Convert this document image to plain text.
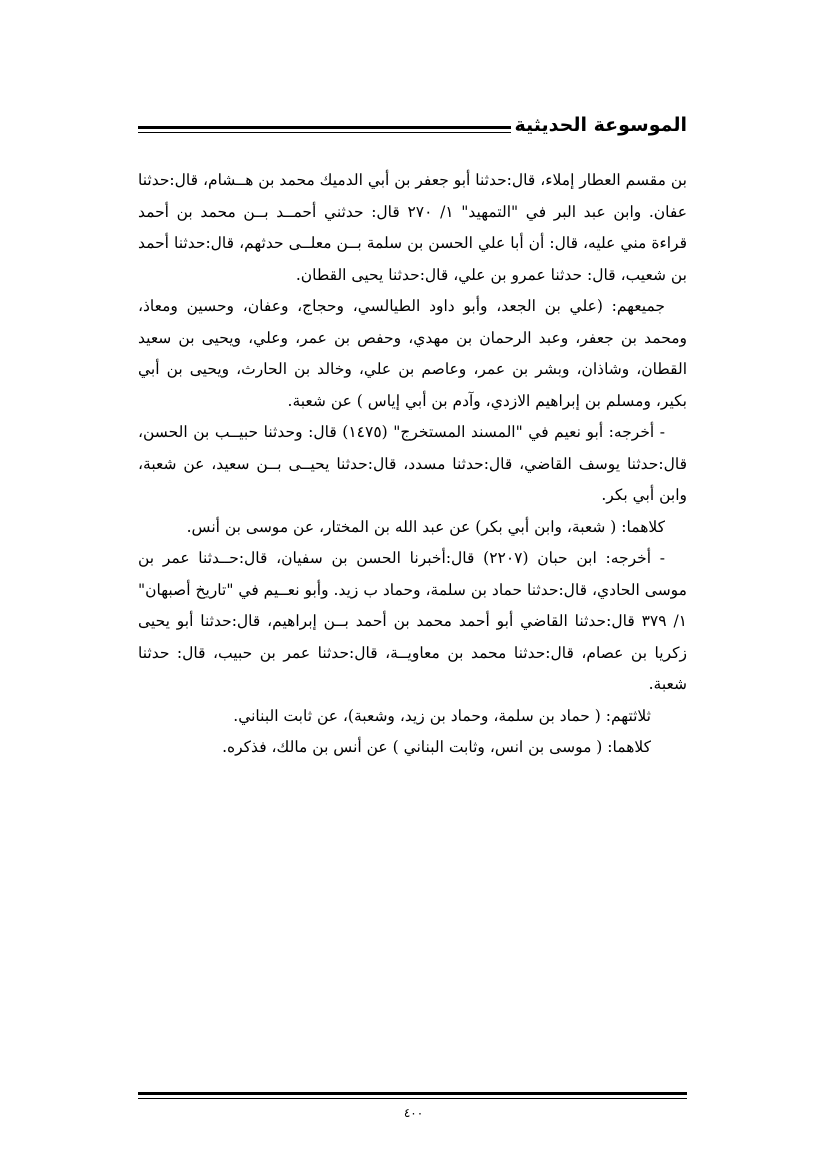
الموسوعة الحديثية

بن مقسم العطار إملاء، قال:حدثنا أبو جعفر بن أبي الدميك محمد بن هــشام، قال:حدثنا عفان. وابن عبد البر في "التمهيد" ١/ ٢٧٠ قال: حدثني أحمــد بــن محمد بن أحمد قراءة مني عليه، قال: أن أبا علي الحسن بن سلمة بــن معلــى حدثهم، قال:حدثنا أحمد بن شعيب، قال: حدثنا عمرو بن علي، قال:حدثنا يحيى القطان.

جميعهم: (علي بن الجعد، وأبو داود الطيالسي، وحجاج، وعفان، وحسين ومعاذ، ومحمد بن جعفر، وعبد الرحمان بن مهدي، وحفص بن عمر، وعلي، ويحيى بن سعيد القطان، وشاذان، وبشر بن عمر، وعاصم بن علي، وخالد بن الحارث، ويحيى بن أبي بكير، ومسلم بن إبراهيم الازدي، وآدم بن أبي إياس ) عن شعبة.

- أخرجه: أبو نعيم في "المسند المستخرج" (١٤٧٥) قال: وحدثنا حبيــب بن الحسن، قال:حدثنا يوسف القاضي، قال:حدثنا مسدد، قال:حدثنا يحيــى بــن سعيد، عن شعبة، وابن أبي بكر.

كلاهما: ( شعبة، وابن أبي بكر) عن عبد الله بن المختار، عن موسى بن أنس.

- أخرجه: ابن حبان (٢٢٠٧) قال:أخبرنا الحسن بن سفيان، قال:حــدثنا عمر بن موسى الحادي، قال:حدثنا حماد بن سلمة، وحماد ب زيد. وأبو نعــيم في "تاريخ أصبهان" ١/ ٣٧٩ قال:حدثنا القاضي أبو أحمد محمد بن أحمد بــن إبراهيم، قال:حدثنا أبو يحيى زكريا بن عصام، قال:حدثنا محمد بن معاويــة، قال:حدثنا عمر بن حبيب، قال: حدثنا شعبة.

ثلاثتهم: ( حماد بن سلمة، وحماد بن زيد، وشعبة)، عن ثابت البناني.

كلاهما: ( موسى بن انس، وثابت البناني ) عن أنس بن مالك، فذكره.

٤٠٠
